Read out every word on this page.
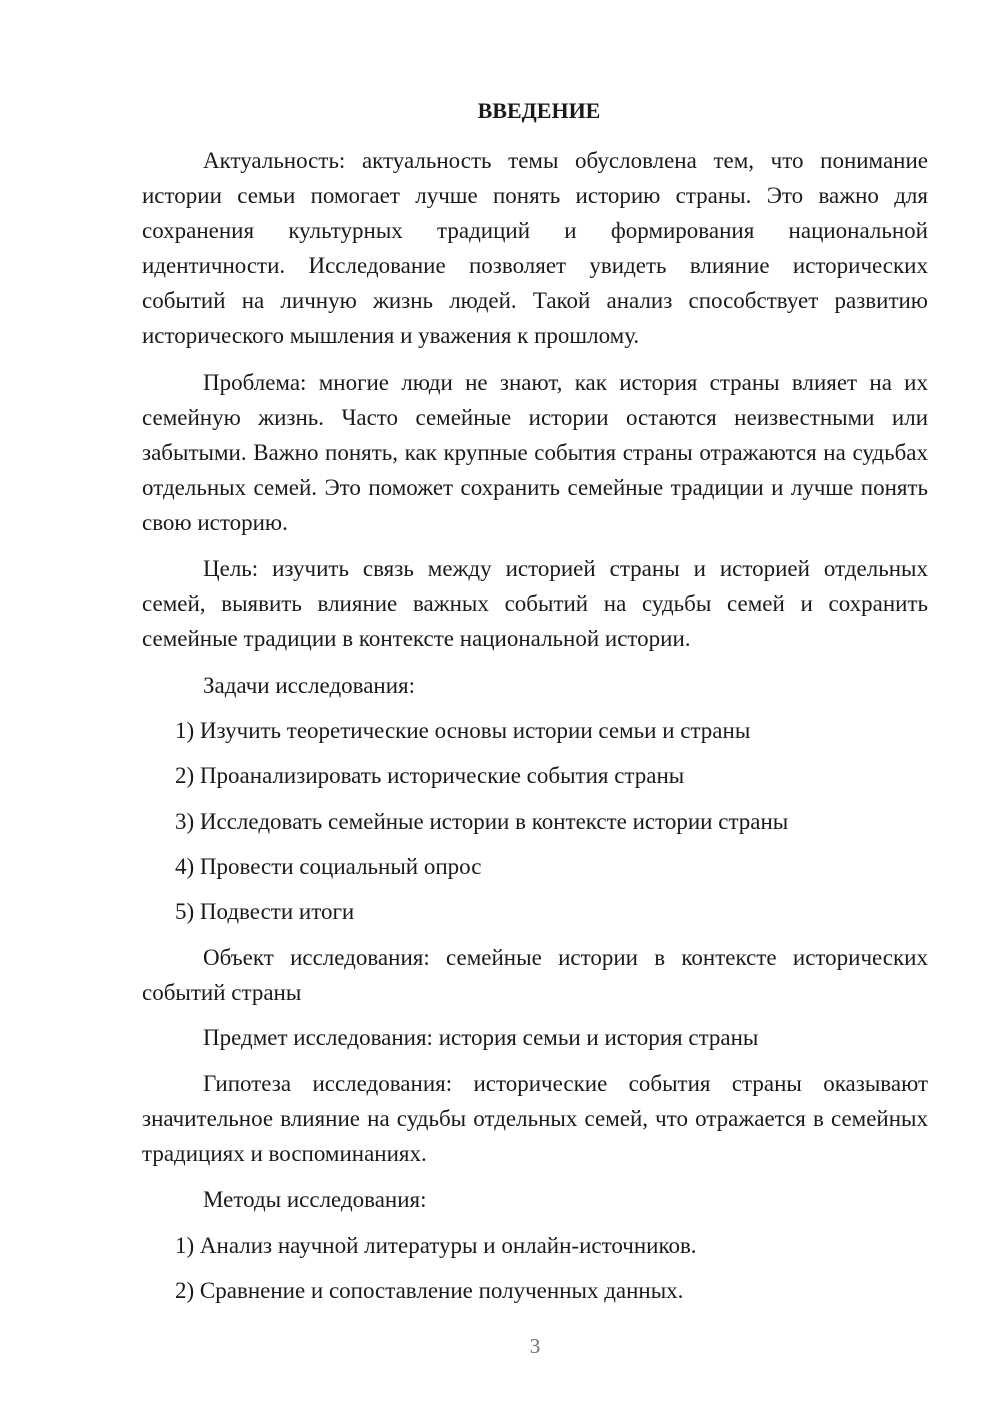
ВВЕДЕНИЕ

Актуальность: актуальность темы обусловлена тем, что понимание истории семьи помогает лучше понять историю страны. Это важно для сохранения культурных традиций и формирования национальной идентичности. Исследование позволяет увидеть влияние исторических событий на личную жизнь людей. Такой анализ способствует развитию исторического мышления и уважения к прошлому.

Проблема: многие люди не знают, как история страны влияет на их семейную жизнь. Часто семейные истории остаются неизвестными или забытыми. Важно понять, как крупные события страны отражаются на судьбах отдельных семей. Это поможет сохранить семейные традиции и лучше понять свою историю.

Цель: изучить связь между историей страны и историей отдельных семей, выявить влияние важных событий на судьбы семей и сохранить семейные традиции в контексте национальной истории.

Задачи исследования:

1) Изучить теоретические основы истории семьи и страны

2) Проанализировать исторические события страны

3) Исследовать семейные истории в контексте истории страны

4) Провести социальный опрос

5) Подвести итоги

Объект исследования: семейные истории в контексте исторических событий страны

Предмет исследования: история семьи и история страны

Гипотеза исследования: исторические события страны оказывают значительное влияние на судьбы отдельных семей, что отражается в семейных традициях и воспоминаниях.

Методы исследования:

1) Анализ научной литературы и онлайн-источников.

2) Сравнение и сопоставление полученных данных.

3
